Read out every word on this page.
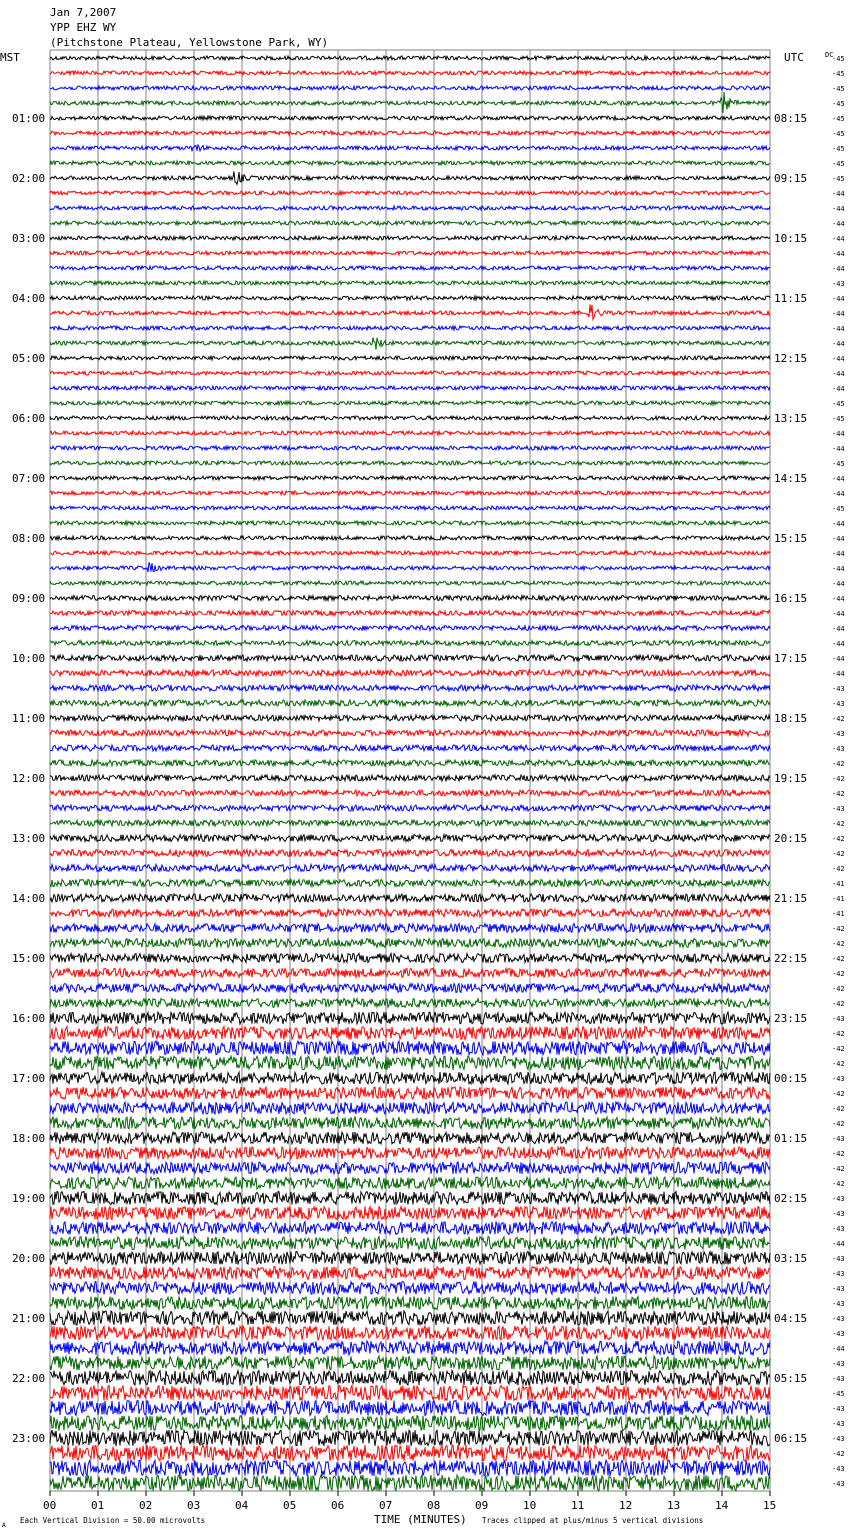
Jan 7,2007
YPP EHZ WY
(Pitchstone Plateau, Yellowstone Park, WY)
MST	UTC	DC
01:00
02:00
03:00
04:00
05:00
06:00
07:00
08:00
09:00
10:00
11:00
12:00
13:00
14:00
15:00
16:00
17:00
18:00
19:00
20:00
21:00
22:00
23:00
08:15
09:15
10:15
11:15
12:15
13:15
14:15
15:15
16:15
17:15
18:15
19:15
20:15
21:15
22:15
23:15
00:15
01:15
02:15
03:15
04:15
05:15
06:15
-45
-45
-45
-45
-45
-45
-45
-45
-45
-44
-44
-44
-44
-44
-44
-43
-44
-44
-44
-44
-44
-44
-44
-45
-45
-44
-44
-45
-44
-44
-45
-44
-44
-44
-44
-44
-44
-44
-44
-44
-44
-44
-43
-43
-42
-43
-43
-42
-42
-42
-43
-42
-42
-42
-42
-41
-41
-41
-42
-42
-42
-42
-42
-42
-43
-42
-42
-42
-43
-42
-42
-42
-43
-42
-42
-42
-43
-43
-43
-44
-43
-43
-43
-43
-43
-43
-44
-43
-43
-45
-43
-43
-43
-42
-43
-43
00	01	02	03	04	05	06	07	08	09	10	11	12	13	14	15
TIME (MINUTES)
A
Each Vertical Division = 50.00 microvolts	Traces clipped at plus/minus 5 vertical divisions
